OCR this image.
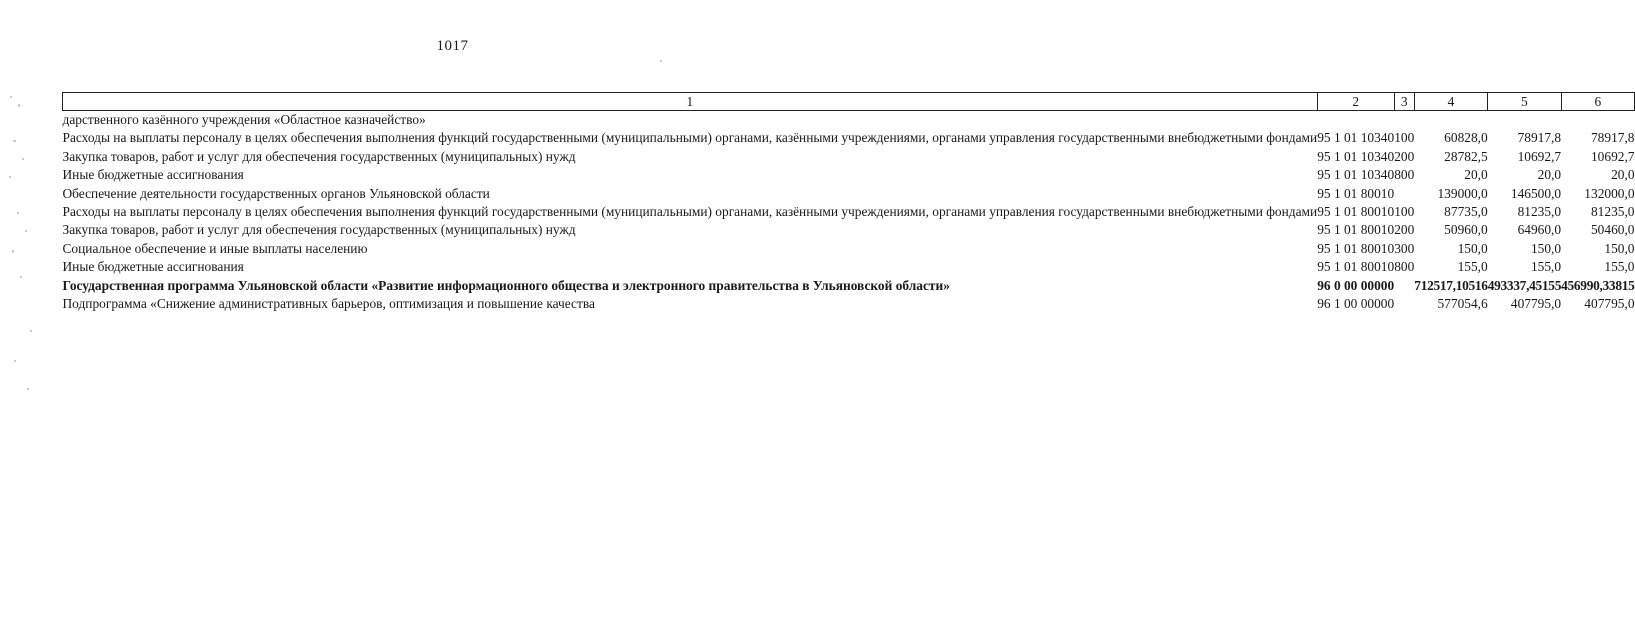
1017
1	2	3	4	5	6
дарственного казённого учреждения «Областное казначейство»					
Расходы на выплаты персоналу в целях обеспечения выполнения функций государственными (муниципальными) органами, казёнными учреждениями, органами управления государственными внебюджетными фондами	95 1 01 10340	100	60828,0	78917,8	78917,8
Закупка товаров, работ и услуг для обеспечения государственных (муниципальных) нужд	95 1 01 10340	200	28782,5	10692,7	10692,7
Иные бюджетные ассигнования	95 1 01 10340	800	20,0	20,0	20,0
Обеспечение деятельности государственных органов Ульяновской области	95 1 01 80010		139000,0	146500,0	132000,0
Расходы на выплаты персоналу в целях обеспечения выполнения функций государственными (муниципальными) органами, казёнными учреждениями, органами управления государственными внебюджетными фондами	95 1 01 80010	100	87735,0	81235,0	81235,0
Закупка товаров, работ и услуг для обеспечения государственных (муниципальных) нужд	95 1 01 80010	200	50960,0	64960,0	50460,0
Социальное обеспечение и иные выплаты населению	95 1 01 80010	300	150,0	150,0	150,0
Иные бюджетные ассигнования	95 1 01 80010	800	155,0	155,0	155,0
Государственная программа Ульяновской области «Развитие информационного общества и электронного правительства в Ульяновской области»	96 0 00 00000		712517,10516	493337,45155	456990,33815
Подпрограмма «Снижение административных барьеров, оптимизация и повышение качества	96 1 00 00000		577054,6	407795,0	407795,0
